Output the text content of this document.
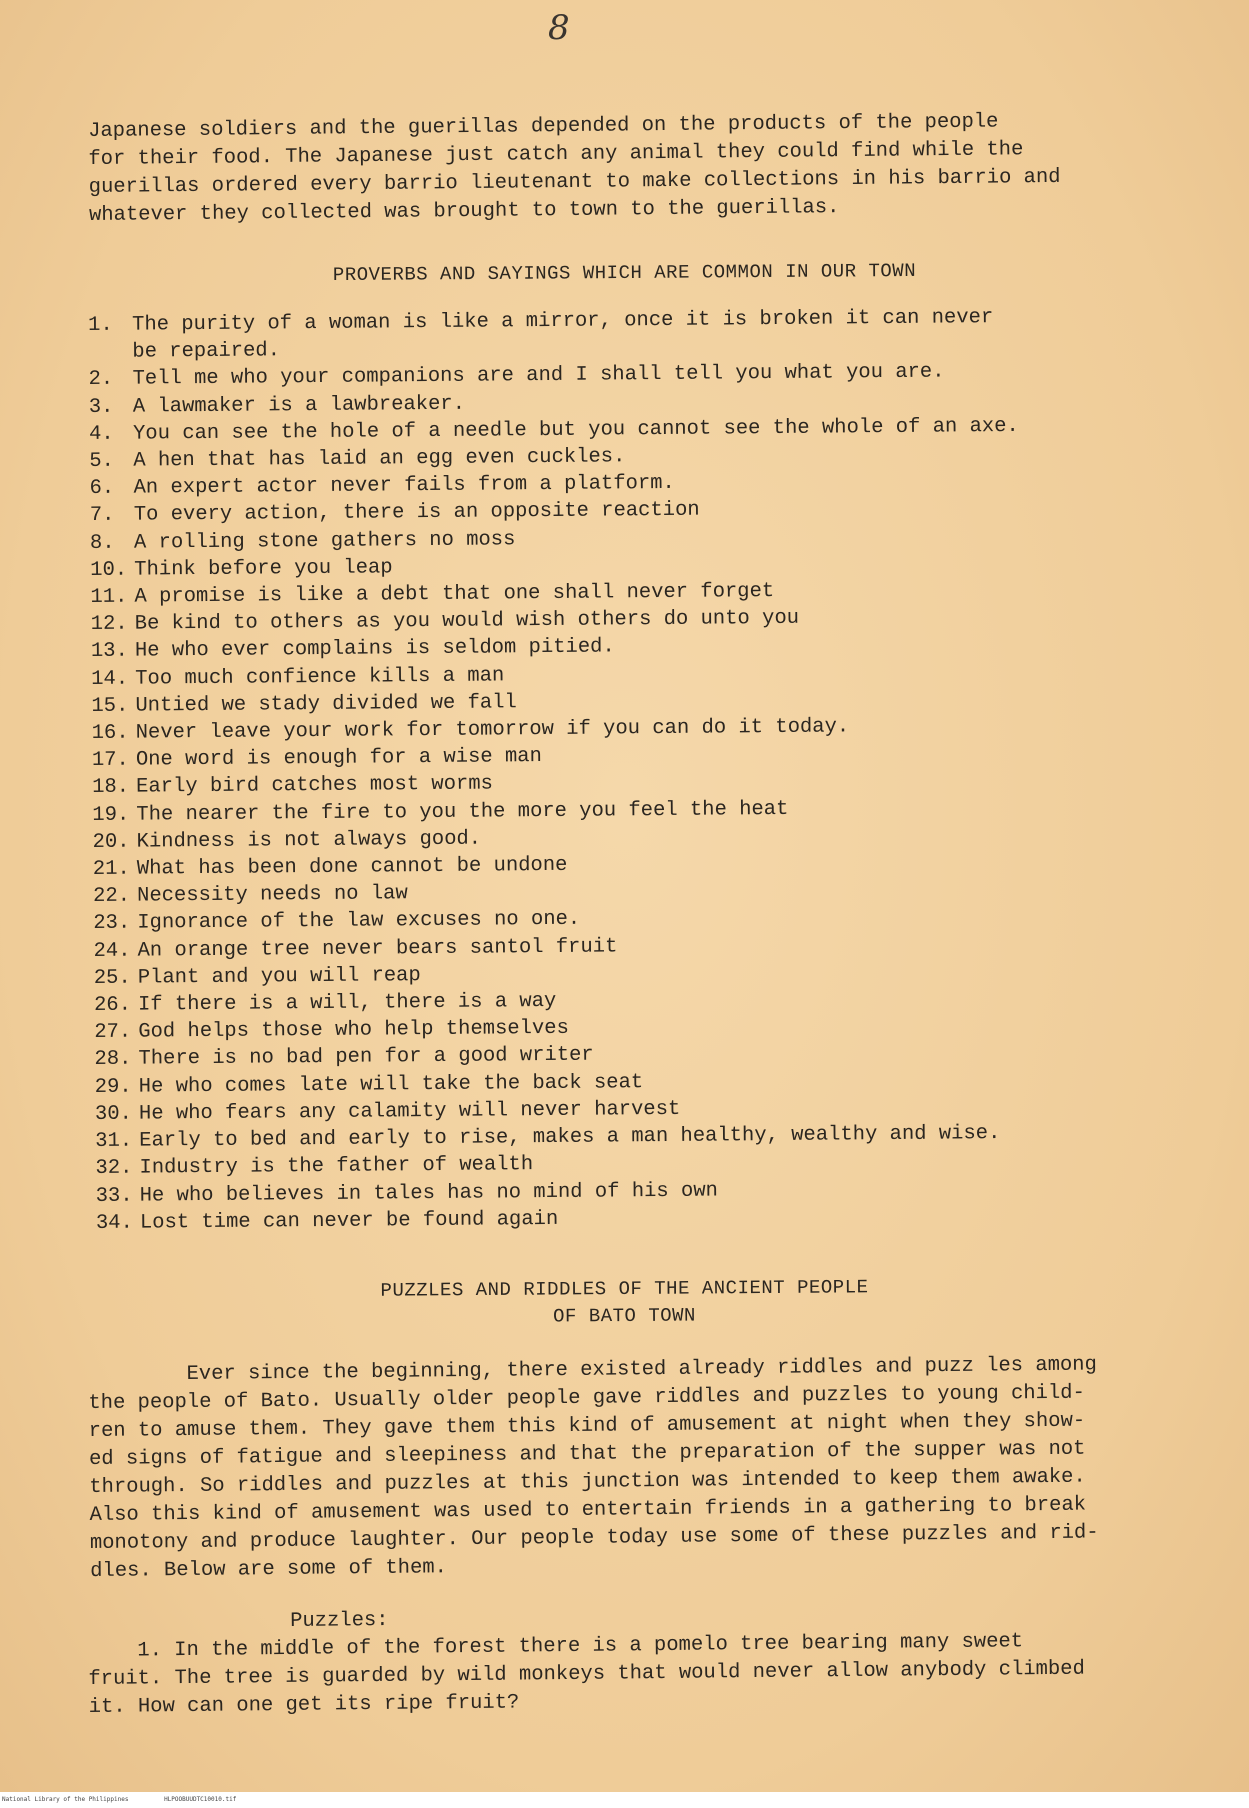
8
Japanese soldiers and the guerillas depended on the products of the people
for their food. The Japanese just catch any animal they could find while the
guerillas ordered every barrio lieutenant to make collections in his barrio and
whatever they collected was brought to town to the guerillas.
PROVERBS AND SAYINGS WHICH ARE COMMON IN OUR TOWN
1. The purity of a woman is like a mirror, once it is broken it can never
be repaired.
2. Tell me who your companions are and I shall tell you what you are.
3. A lawmaker is a lawbreaker.
4. You can see the hole of a needle but you cannot see the whole of an axe.
5. A hen that has laid an egg even cuckles.
6. An expert actor never fails from a platform.
7. To every action, there is an opposite reaction
8. A rolling stone gathers no moss
10. Think before you leap
11. A promise is like a debt that one shall never forget
12. Be kind to others as you would wish others do unto you
13. He who ever complains is seldom pitied.
14. Too much confience kills a man
15. Untied we stady divided we fall
16. Never leave your work for tomorrow if you can do it today.
17. One word is enough for a wise man
18. Early bird catches most worms
19. The nearer the fire to you the more you feel the heat
20. Kindness is not always good.
21. What has been done cannot be undone
22. Necessity needs no law
23. Ignorance of the law excuses no one.
24. An orange tree never bears santol fruit
25. Plant and you will reap
26. If there is a will, there is a way
27. God helps those who help themselves
28. There is no bad pen for a good writer
29. He who comes late will take the back seat
30. He who fears any calamity will never harvest
31. Early to bed and early to rise, makes a man healthy, wealthy and wise.
32. Industry is the father of wealth
33. He who believes in tales has no mind of his own
34. Lost time can never be found again
PUZZLES AND RIDDLES OF THE ANCIENT PEOPLE
OF BATO TOWN
Ever since the beginning, there existed already riddles and puzz les among
the people of Bato. Usually older people gave riddles and puzzles to young child-
ren to amuse them. They gave them this kind of amusement at night when they show-
ed signs of fatigue and sleepiness and that the preparation of the supper was not
through. So riddles and puzzles at this junction was intended to keep them awake.
Also this kind of amusement was used to entertain friends in a gathering to break
monotony and produce laughter. Our people today use some of these puzzles and rid-
dles. Below are some of them.
Puzzles:
1. In the middle of the forest there is a pomelo tree bearing many sweet
fruit. The tree is guarded by wild monkeys that would never allow anybody climbed
it. How can one get its ripe fruit?
National Library of the Philippines	HLPOOBUUDTC10010.tif
